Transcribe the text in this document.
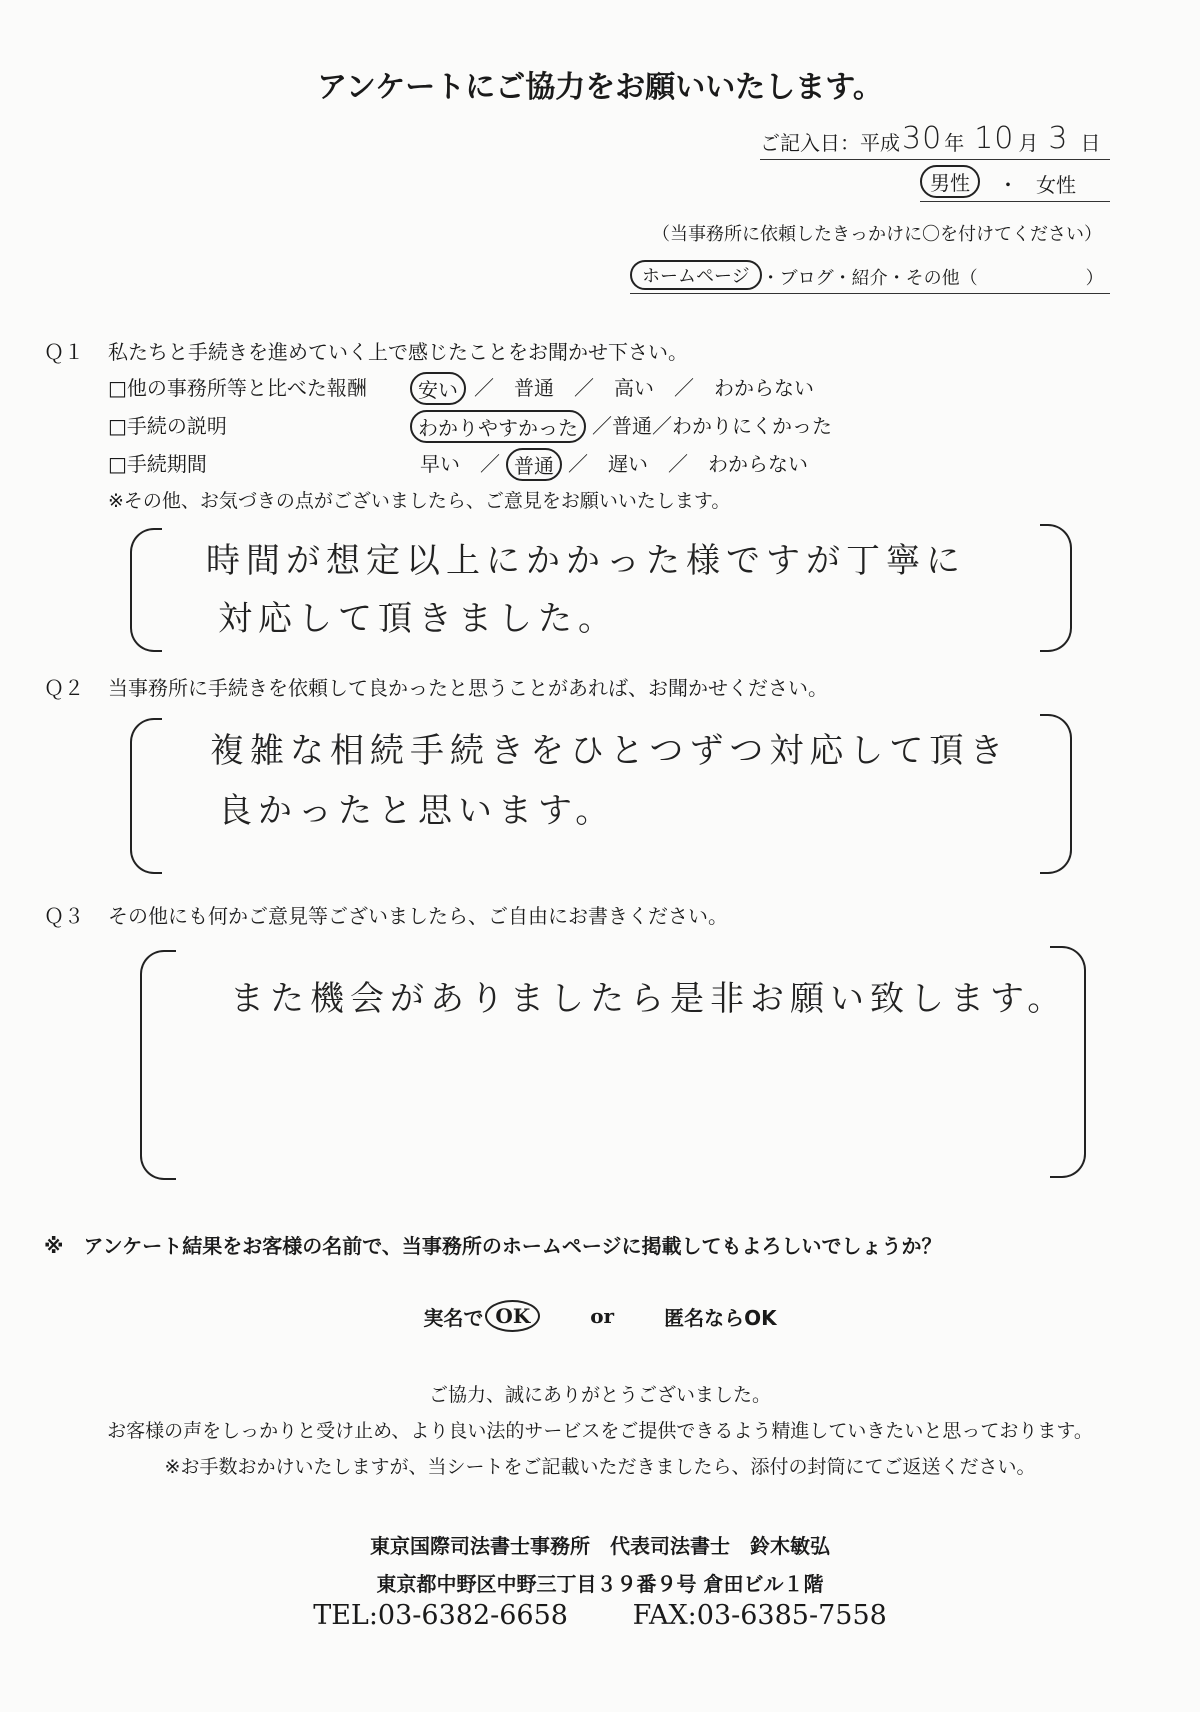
アンケートにご協力をお願いいたします。
ご記入日：平成 30 年 10 月 3 日
男性	・ 女性
（当事務所に依頼したきっかけに〇を付けてください）
ホームページ ・ブログ・紹介・その他（　　　　　　）
Ｑ１ 私たちと手続きを進めていく上で感じたことをお聞かせ下さい。
□他の事務所等と比べた報酬	安い ／　普通　／　高い　／　わからない
□手続の説明	わかりやすかった ／普通／わかりにくかった
□手続期間	早い　／ 普通 ／　遅い　／　わからない
※その他、お気づきの点がございましたら、ご意見をお願いいたします。
時間が想定以上にかかった様ですが丁寧に
対応して頂きました。
Ｑ２ 当事務所に手続きを依頼して良かったと思うことがあれば、お聞かせください。
複雑な相続手続きをひとつずつ対応して頂き
良かったと思います。
Ｑ３ その他にも何かご意見等ございましたら、ご自由にお書きください。
また機会がありましたら是非お願い致します。
※　アンケート結果をお客様の名前で、当事務所のホームページに掲載してもよろしいでしょうか？
実名で OK	or	匿名ならOK
ご協力、誠にありがとうございました。
お客様の声をしっかりと受け止め、より良い法的サービスをご提供できるよう精進していきたいと思っております。
※お手数おかけいたしますが、当シートをご記載いただきましたら、添付の封筒にてご返送ください。
東京国際司法書士事務所　代表司法書士　鈴木敏弘
東京都中野区中野三丁目３９番９号 倉田ビル１階
TEL:03-6382-6658 FAX:03-6385-7558
